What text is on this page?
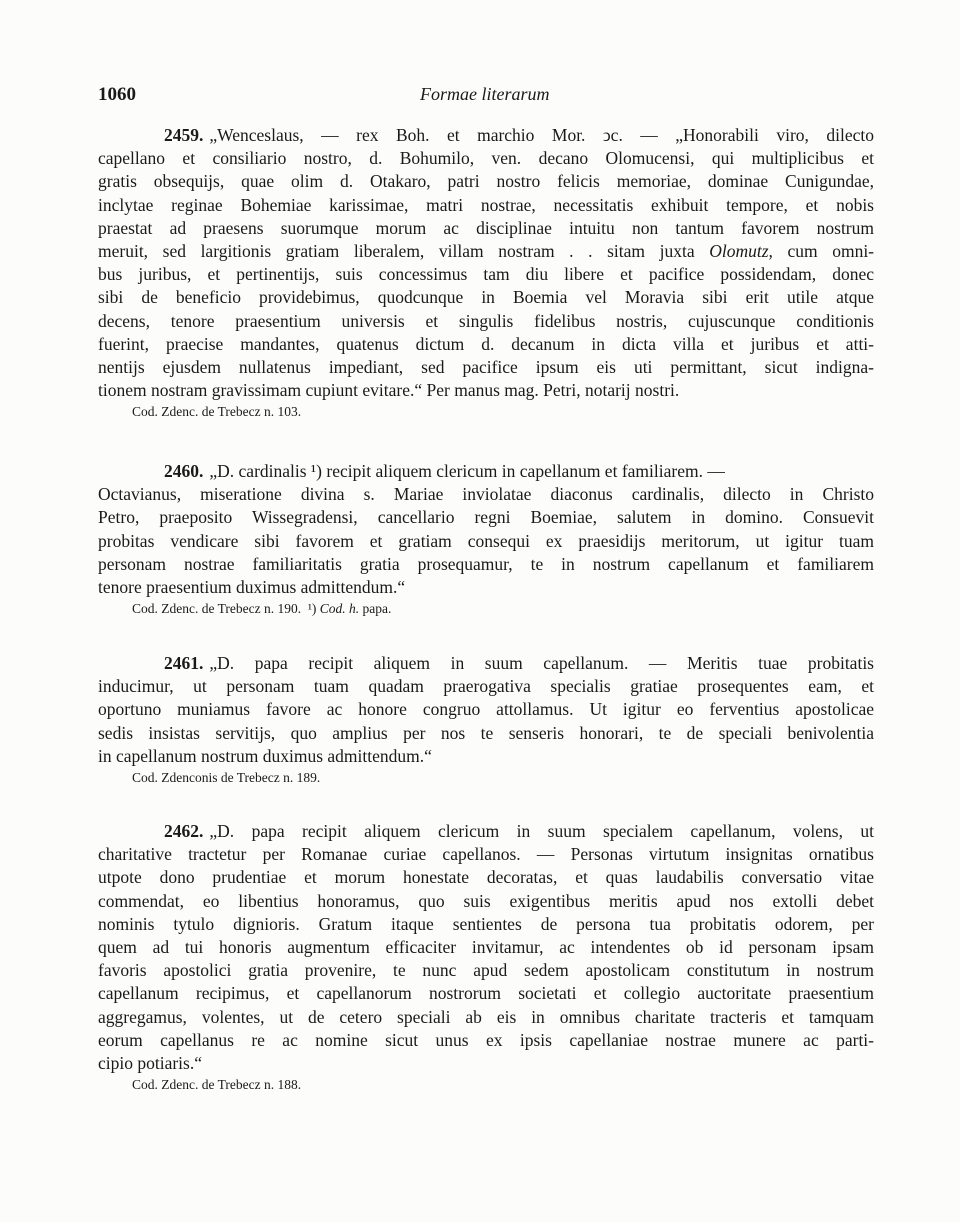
1060	Formae literarum
2459. „Wenceslaus, — rex Boh. et marchio Mor. ͻc. — „Honorabili viro, dilecto
capellano et consiliario nostro, d. Bohumilo, ven. decano Olomucensi, qui multiplicibus et
gratis obsequijs, quae olim d. Otakaro, patri nostro felicis memoriae, dominae Cunigundae,
inclytae reginae Bohemiae karissimae, matri nostrae, necessitatis exhibuit tempore, et nobis
praestat ad praesens suorumque morum ac disciplinae intuitu non tantum favorem nostrum
meruit, sed largitionis gratiam liberalem, villam nostram . . sitam juxta Olomutz, cum omni-
bus juribus, et pertinentijs, suis concessimus tam diu libere et pacifice possidendam, donec
sibi de beneficio providebimus, quodcunque in Boemia vel Moravia sibi erit utile atque
decens, tenore praesentium universis et singulis fidelibus nostris, cujuscunque conditionis
fuerint, praecise mandantes, quatenus dictum d. decanum in dicta villa et juribus et atti-
nentijs ejusdem nullatenus impediant, sed pacifice ipsum eis uti permittant, sicut indigna-
tionem nostram gravissimam cupiunt evitare.“ Per manus mag. Petri, notarij nostri.
Cod. Zdenc. de Trebecz n. 103.
2460. „D. cardinalis ¹) recipit aliquem clericum in capellanum et familiarem. —
Octavianus, miseratione divina s. Mariae inviolatae diaconus cardinalis, dilecto in Christo
Petro, praeposito Wissegradensi, cancellario regni Boemiae, salutem in domino. Consuevit
probitas vendicare sibi favorem et gratiam consequi ex praesidijs meritorum, ut igitur tuam
personam nostrae familiaritatis gratia prosequamur, te in nostrum capellanum et familiarem
tenore praesentium duximus admittendum.“
Cod. Zdenc. de Trebecz n. 190. ¹) Cod. h. papa.
2461. „D. papa recipit aliquem in suum capellanum. — Meritis tuae probitatis
inducimur, ut personam tuam quadam praerogativa specialis gratiae prosequentes eam, et
oportuno muniamus favore ac honore congruo attollamus. Ut igitur eo ferventius apostolicae
sedis insistas servitijs, quo amplius per nos te senseris honorari, te de speciali benivolentia
in capellanum nostrum duximus admittendum.“
Cod. Zdenconis de Trebecz n. 189.
2462. „D. papa recipit aliquem clericum in suum specialem capellanum, volens, ut
charitative tractetur per Romanae curiae capellanos. — Personas virtutum insignitas ornatibus
utpote dono prudentiae et morum honestate decoratas, et quas laudabilis conversatio vitae
commendat, eo libentius honoramus, quo suis exigentibus meritis apud nos extolli debet
nominis tytulo dignioris. Gratum itaque sentientes de persona tua probitatis odorem, per
quem ad tui honoris augmentum efficaciter invitamur, ac intendentes ob id personam ipsam
favoris apostolici gratia provenire, te nunc apud sedem apostolicam constitutum in nostrum
capellanum recipimus, et capellanorum nostrorum societati et collegio auctoritate praesentium
aggregamus, volentes, ut de cetero speciali ab eis in omnibus charitate tracteris et tamquam
eorum capellanus re ac nomine sicut unus ex ipsis capellaniae nostrae munere ac parti-
cipio potiaris.“
Cod. Zdenc. de Trebecz n. 188.
